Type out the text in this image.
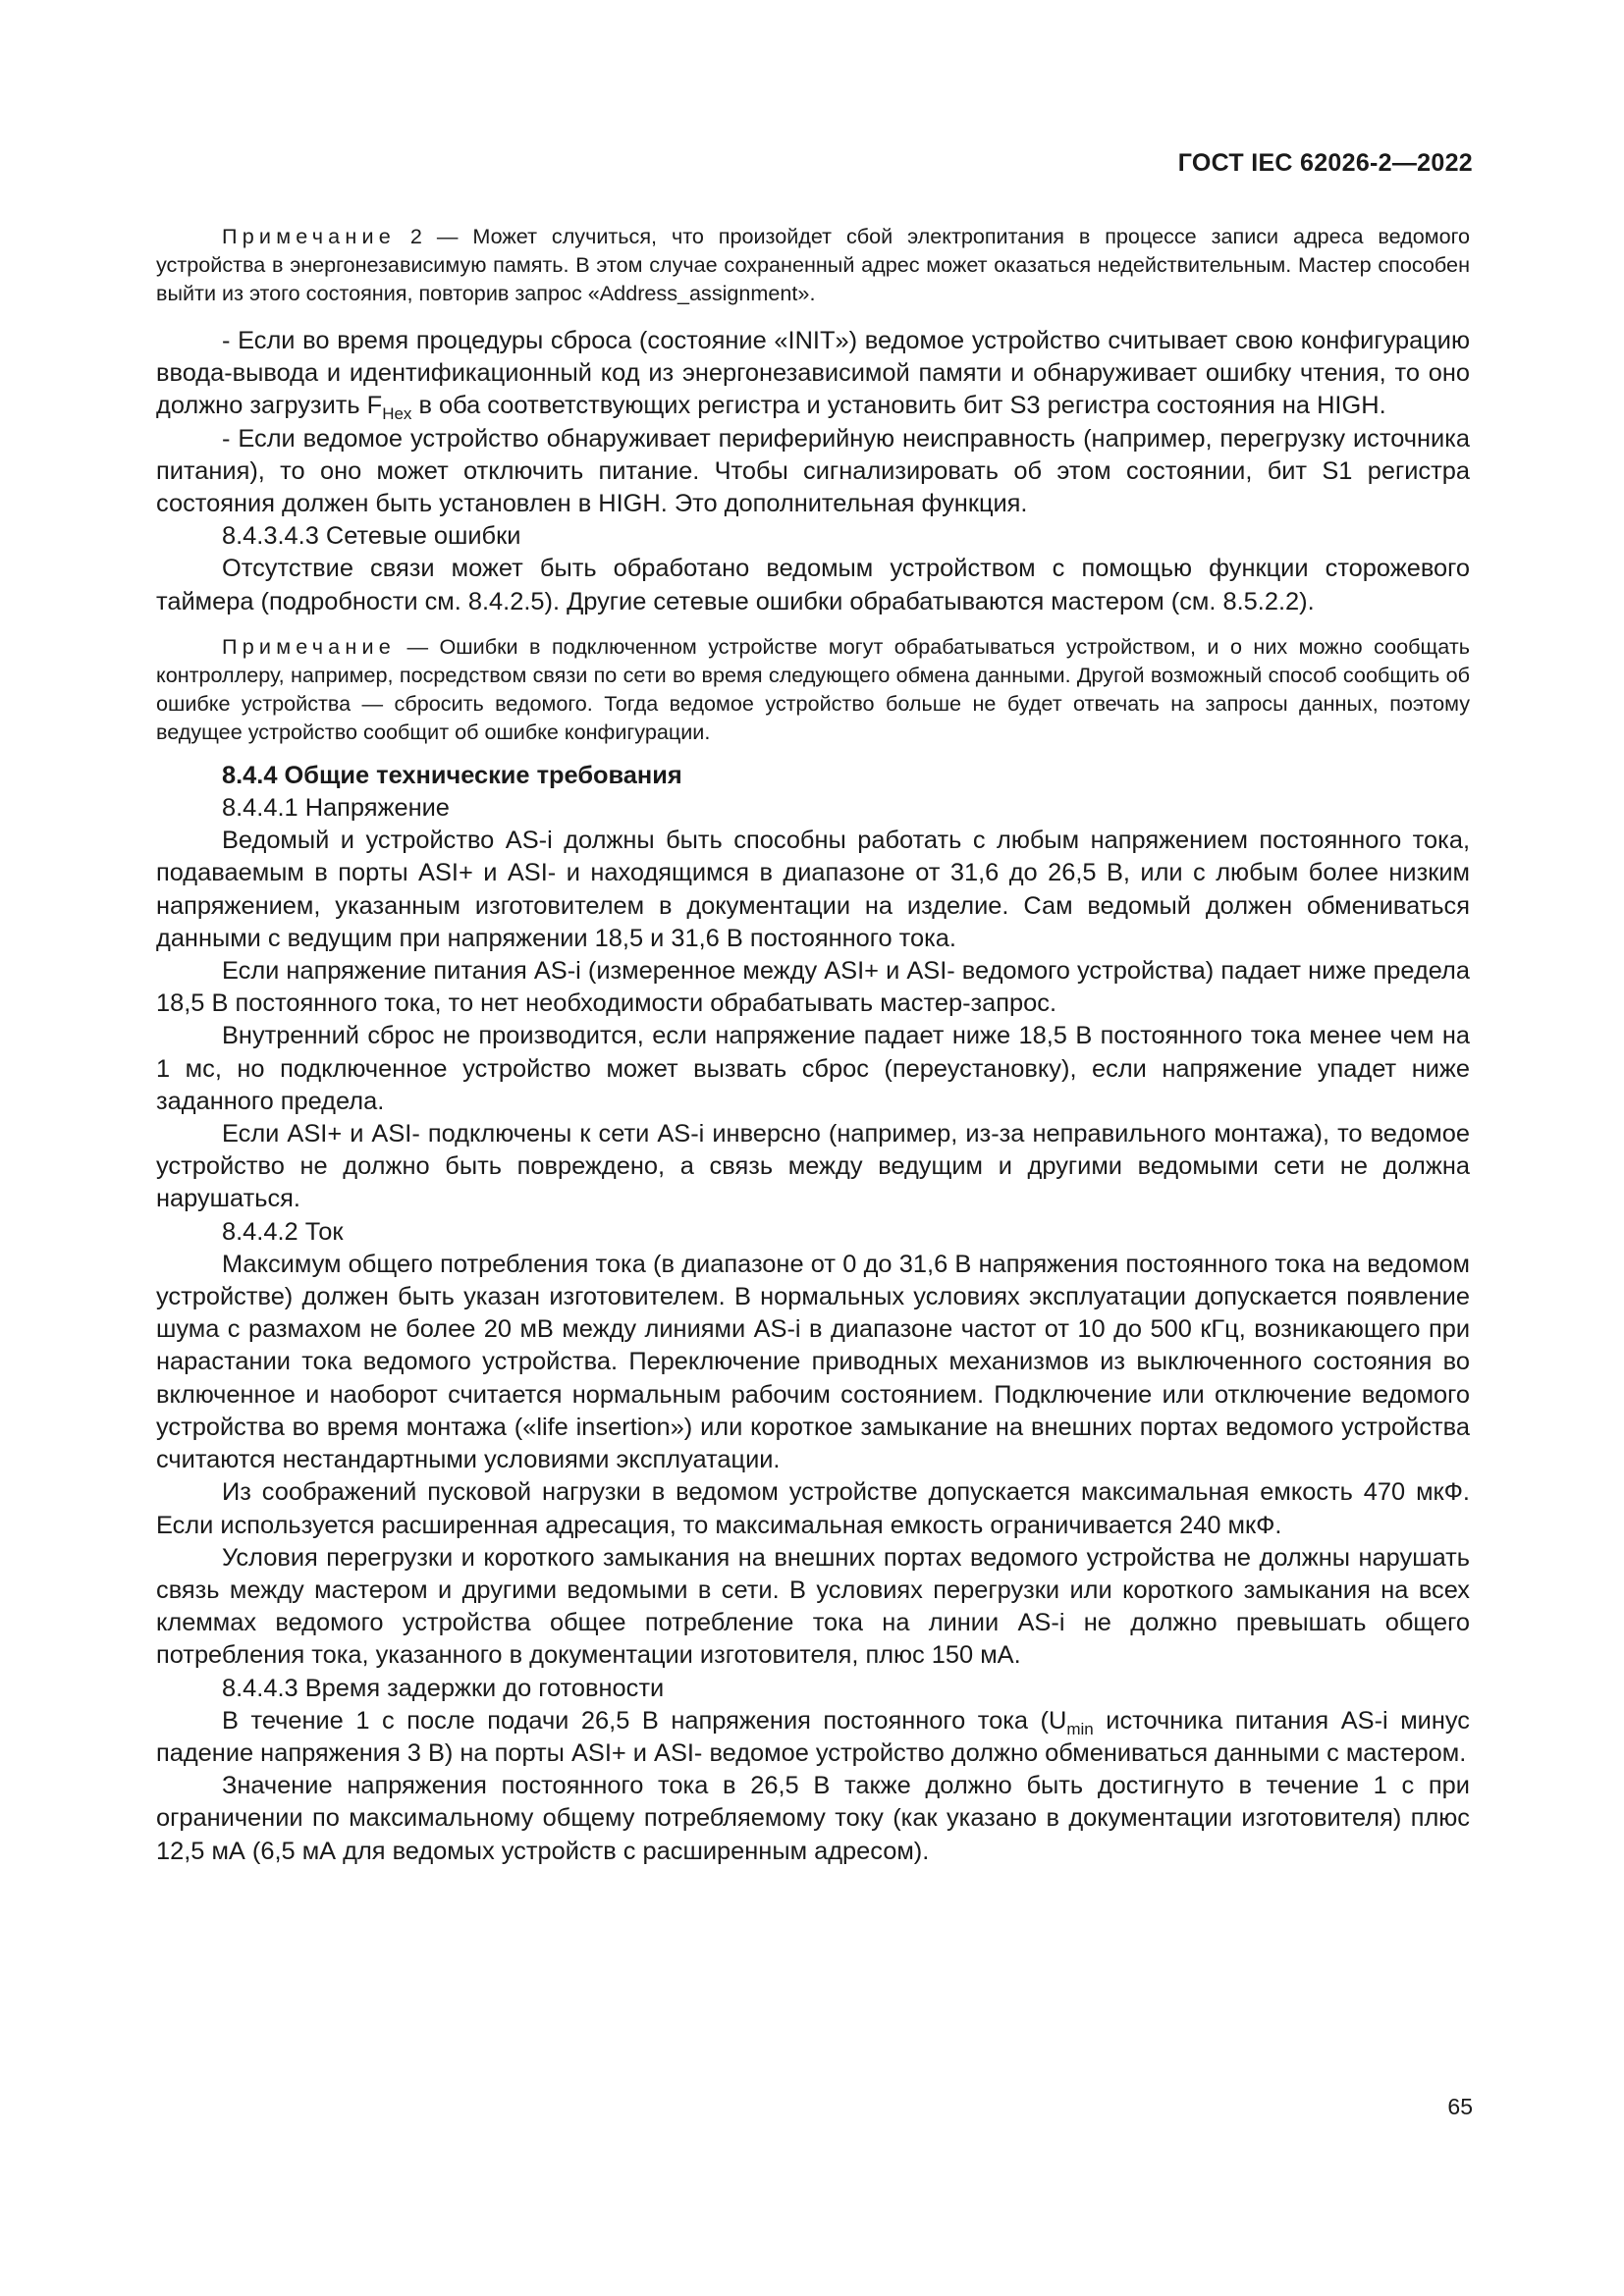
ГОСТ IEC 62026-2—2022

Примечание 2 — Может случиться, что произойдет сбой электропитания в процессе записи адреса ведомого устройства в энергонезависимую память. В этом случае сохраненный адрес может оказаться недействительным. Мастер способен выйти из этого состояния, повторив запрос «Address_assignment».

- Если во время процедуры сброса (состояние «INIT») ведомое устройство считывает свою конфигурацию ввода-вывода и идентификационный код из энергонезависимой памяти и обнаруживает ошибку чтения, то оно должно загрузить $F_{Hex}$ в оба соответствующих регистра и установить бит S3 регистра состояния на HIGH.

- Если ведомое устройство обнаруживает периферийную неисправность (например, перегрузку источника питания), то оно может отключить питание. Чтобы сигнализировать об этом состоянии, бит S1 регистра состояния должен быть установлен в HIGH. Это дополнительная функция.

8.4.3.4.3 Сетевые ошибки

Отсутствие связи может быть обработано ведомым устройством с помощью функции сторожевого таймера (подробности см. 8.4.2.5). Другие сетевые ошибки обрабатываются мастером (см. 8.5.2.2).

Примечание — Ошибки в подключенном устройстве могут обрабатываться устройством, и о них можно сообщать контроллеру, например, посредством связи по сети во время следующего обмена данными. Другой возможный способ сообщить об ошибке устройства — сбросить ведомого. Тогда ведомое устройство больше не будет отвечать на запросы данных, поэтому ведущее устройство сообщит об ошибке конфигурации.

8.4.4 Общие технические требования

8.4.4.1 Напряжение

Ведомый и устройство AS-i должны быть способны работать с любым напряжением постоянного тока, подаваемым в порты ASI+ и ASI- и находящимся в диапазоне от 31,6 до 26,5 В, или с любым более низким напряжением, указанным изготовителем в документации на изделие. Сам ведомый должен обмениваться данными с ведущим при напряжении 18,5 и 31,6 В постоянного тока.

Если напряжение питания AS-i (измеренное между ASI+ и ASI- ведомого устройства) падает ниже предела 18,5 В постоянного тока, то нет необходимости обрабатывать мастер-запрос.

Внутренний сброс не производится, если напряжение падает ниже 18,5 В постоянного тока менее чем на 1 мс, но подключенное устройство может вызвать сброс (переустановку), если напряжение упадет ниже заданного предела.

Если ASI+ и ASI- подключены к сети AS-i инверсно (например, из-за неправильного монтажа), то ведомое устройство не должно быть повреждено, а связь между ведущим и другими ведомыми сети не должна нарушаться.

8.4.4.2 Ток

Максимум общего потребления тока (в диапазоне от 0 до 31,6 В напряжения постоянного тока на ведомом устройстве) должен быть указан изготовителем. В нормальных условиях эксплуатации допускается появление шума с размахом не более 20 мВ между линиями AS-i в диапазоне частот от 10 до 500 кГц, возникающего при нарастании тока ведомого устройства. Переключение приводных механизмов из выключенного состояния во включенное и наоборот считается нормальным рабочим состоянием. Подключение или отключение ведомого устройства во время монтажа («life insertion») или короткое замыкание на внешних портах ведомого устройства считаются нестандартными условиями эксплуатации.

Из соображений пусковой нагрузки в ведомом устройстве допускается максимальная емкость 470 мкФ. Если используется расширенная адресация, то максимальная емкость ограничивается 240 мкФ.

Условия перегрузки и короткого замыкания на внешних портах ведомого устройства не должны нарушать связь между мастером и другими ведомыми в сети. В условиях перегрузки или короткого замыкания на всех клеммах ведомого устройства общее потребление тока на линии AS-i не должно превышать общего потребления тока, указанного в документации изготовителя, плюс 150 мА.

8.4.4.3 Время задержки до готовности

В течение 1 с после подачи 26,5 В напряжения постоянного тока ($U_{min}$ источника питания AS-i минус падение напряжения 3 В) на порты ASI+ и ASI- ведомое устройство должно обмениваться данными с мастером.

Значение напряжения постоянного тока в 26,5 В также должно быть достигнуто в течение 1 с при ограничении по максимальному общему потребляемому току (как указано в документации изготовителя) плюс 12,5 мА (6,5 мА для ведомых устройств с расширенным адресом).

65
